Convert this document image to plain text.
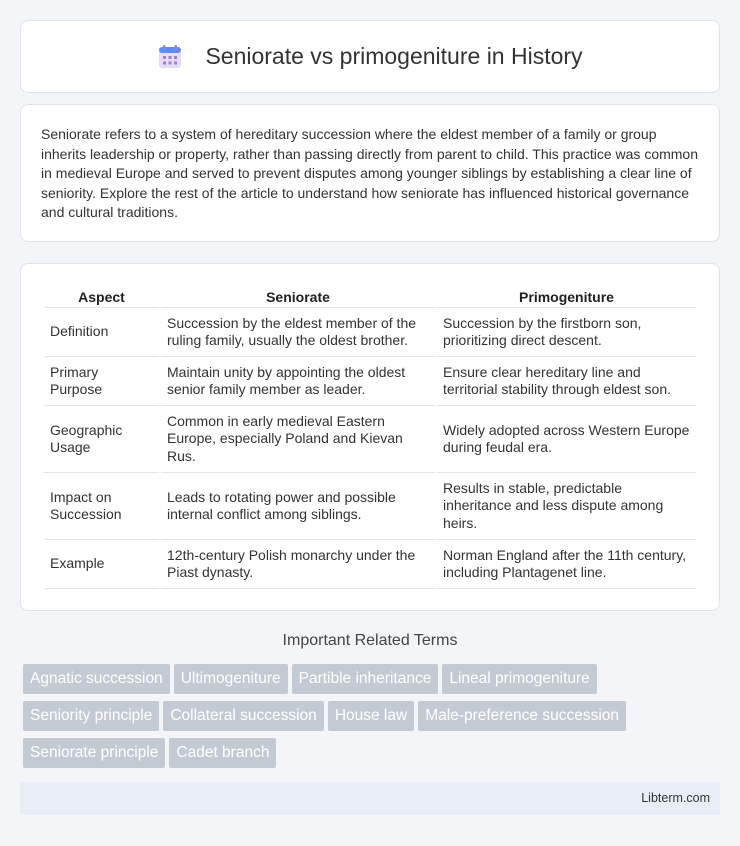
Seniorate vs primogeniture in History

Seniorate refers to a system of hereditary succession where the eldest member of a family or group inherits leadership or property, rather than passing directly from parent to child. This practice was common in medieval Europe and served to prevent disputes among younger siblings by establishing a clear line of seniority. Explore the rest of the article to understand how seniorate has influenced historical governance and cultural traditions.

Aspect	Seniorate	Primogeniture
Definition	Succession by the eldest member of the ruling family, usually the oldest brother.	Succession by the firstborn son, prioritizing direct descent.
Primary Purpose	Maintain unity by appointing the oldest senior family member as leader.	Ensure clear hereditary line and territorial stability through eldest son.
Geographic Usage	Common in early medieval Eastern Europe, especially Poland and Kievan Rus.	Widely adopted across Western Europe during feudal era.
Impact on Succession	Leads to rotating power and possible internal conflict among siblings.	Results in stable, predictable inheritance and less dispute among heirs.
Example	12th-century Polish monarchy under the Piast dynasty.	Norman England after the 11th century, including Plantagenet line.
Important Related Terms
Agnatic succession Ultimogeniture Partible inheritance Lineal primogeniture
Seniority principle Collateral succession House law Male-preference succession
Seniorate principle Cadet branch
Libterm.com
